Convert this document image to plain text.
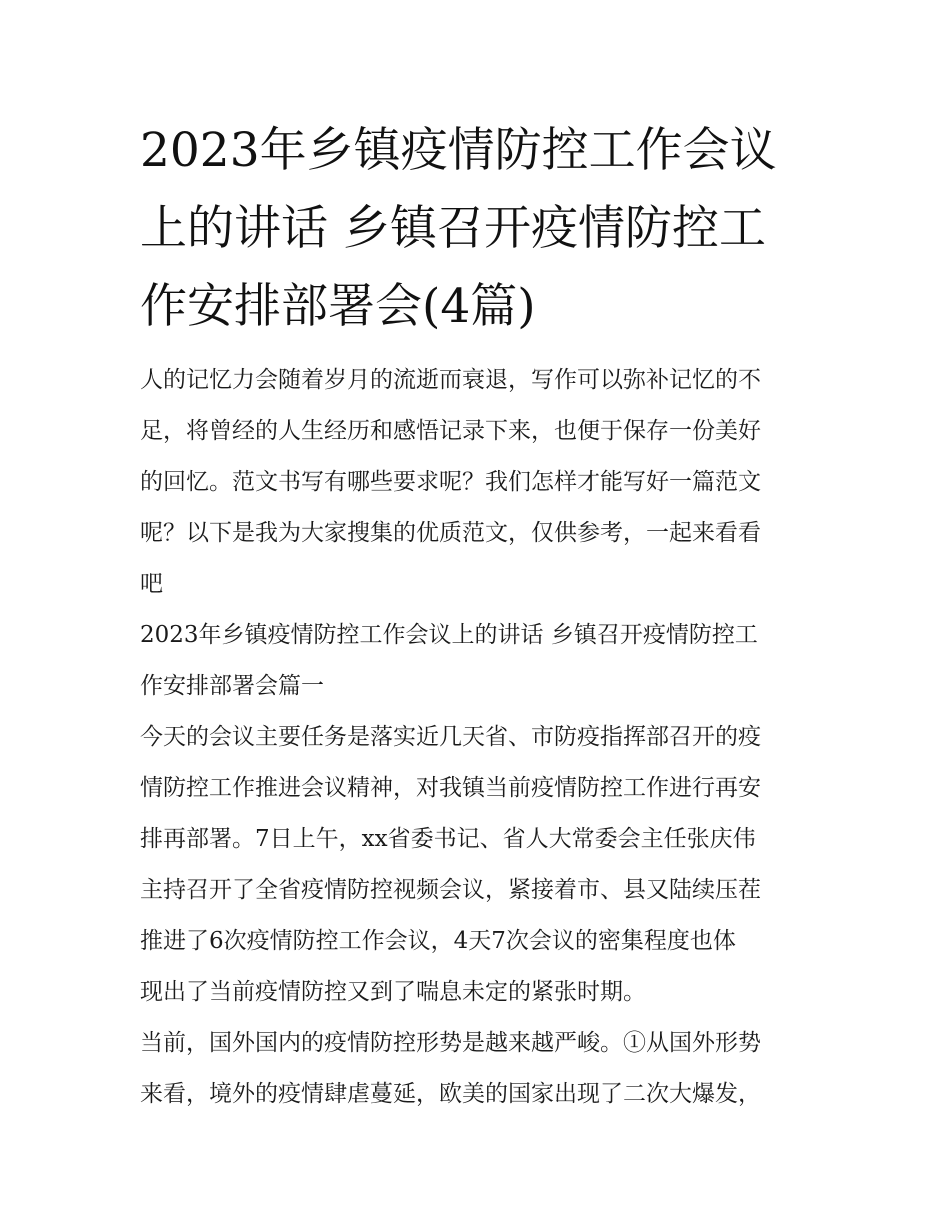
2023年乡镇疫情防控工作会议
上的讲话 乡镇召开疫情防控工
作安排部署会(4篇)
人的记忆力会随着岁月的流逝而衰退，写作可以弥补记忆的不
足，将曾经的人生经历和感悟记录下来，也便于保存一份美好
的回忆。范文书写有哪些要求呢？我们怎样才能写好一篇范文
呢？以下是我为大家搜集的优质范文，仅供参考，一起来看看
吧
2023年乡镇疫情防控工作会议上的讲话 乡镇召开疫情防控工
作安排部署会篇一
今天的会议主要任务是落实近几天省、市防疫指挥部召开的疫
情防控工作推进会议精神，对我镇当前疫情防控工作进行再安
排再部署。7日上午，xx省委书记、省人大常委会主任张庆伟
主持召开了全省疫情防控视频会议，紧接着市、县又陆续压茬
推进了6次疫情防控工作会议，4天7次会议的密集程度也体
现出了当前疫情防控又到了喘息未定的紧张时期。
当前，国外国内的疫情防控形势是越来越严峻。①从国外形势
来看，境外的疫情肆虐蔓延，欧美的国家出现了二次大爆发，
